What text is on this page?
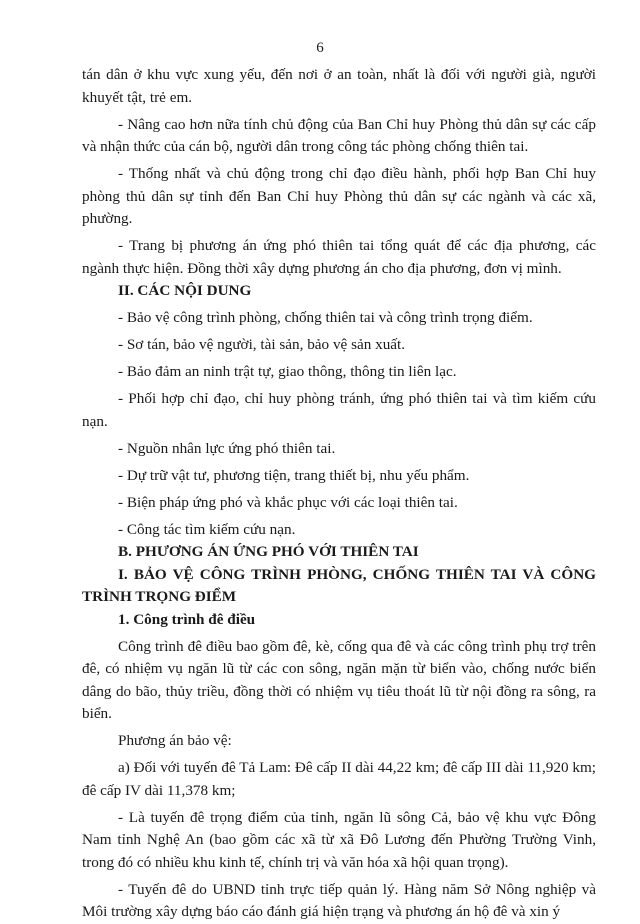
6

tán dân ở khu vực xung yếu, đến nơi ở an toàn, nhất là đối với người già, người khuyết tật, trẻ em.

- Nâng cao hơn nữa tính chủ động của Ban Chỉ huy Phòng thủ dân sự các cấp và nhận thức của cán bộ, người dân trong công tác phòng chống thiên tai.

- Thống nhất và chủ động trong chỉ đạo điều hành, phối hợp Ban Chỉ huy phòng thủ dân sự tỉnh đến Ban Chỉ huy Phòng thủ dân sự các ngành và các xã, phường.

- Trang bị phương án ứng phó thiên tai tổng quát để các địa phương, các ngành thực hiện. Đồng thời xây dựng phương án cho địa phương, đơn vị mình.

II. CÁC NỘI DUNG

- Bảo vệ công trình phòng, chống thiên tai và công trình trọng điểm.

- Sơ tán, bảo vệ người, tài sản, bảo vệ sản xuất.

- Bảo đảm an ninh trật tự, giao thông, thông tin liên lạc.

- Phối hợp chỉ đạo, chỉ huy phòng tránh, ứng phó thiên tai và tìm kiếm cứu nạn.

- Nguồn nhân lực ứng phó thiên tai.

- Dự trữ vật tư, phương tiện, trang thiết bị, nhu yếu phẩm.

- Biện pháp ứng phó và khắc phục với các loại thiên tai.

- Công tác tìm kiếm cứu nạn.

B. PHƯƠNG ÁN ỨNG PHÓ VỚI THIÊN TAI

I. BẢO VỆ CÔNG TRÌNH PHÒNG, CHỐNG THIÊN TAI VÀ CÔNG TRÌNH TRỌNG ĐIỂM

1. Công trình đê điều

Công trình đê điều bao gồm đê, kè, cống qua đê và các công trình phụ trợ trên đê, có nhiệm vụ ngăn lũ từ các con sông, ngăn mặn từ biển vào, chống nước biển dâng do bão, thủy triều, đồng thời có nhiệm vụ tiêu thoát lũ từ nội đồng ra sông, ra biển.

Phương án bảo vệ:

a) Đối với tuyến đê Tả Lam: Đê cấp II dài 44,22 km; đê cấp III dài 11,920 km; đê cấp IV dài 11,378 km;

- Là tuyến đê trọng điểm của tỉnh, ngăn lũ sông Cả, bảo vệ khu vực Đông Nam tỉnh Nghệ An (bao gồm các xã từ xã Đô Lương đến Phường Trường Vinh, trong đó có nhiều khu kinh tế, chính trị và văn hóa xã hội quan trọng).

- Tuyến đê do UBND tỉnh trực tiếp quản lý. Hàng năm Sở Nông nghiệp và Môi trường xây dựng báo cáo đánh giá hiện trạng và phương án hộ đê và xin ý
